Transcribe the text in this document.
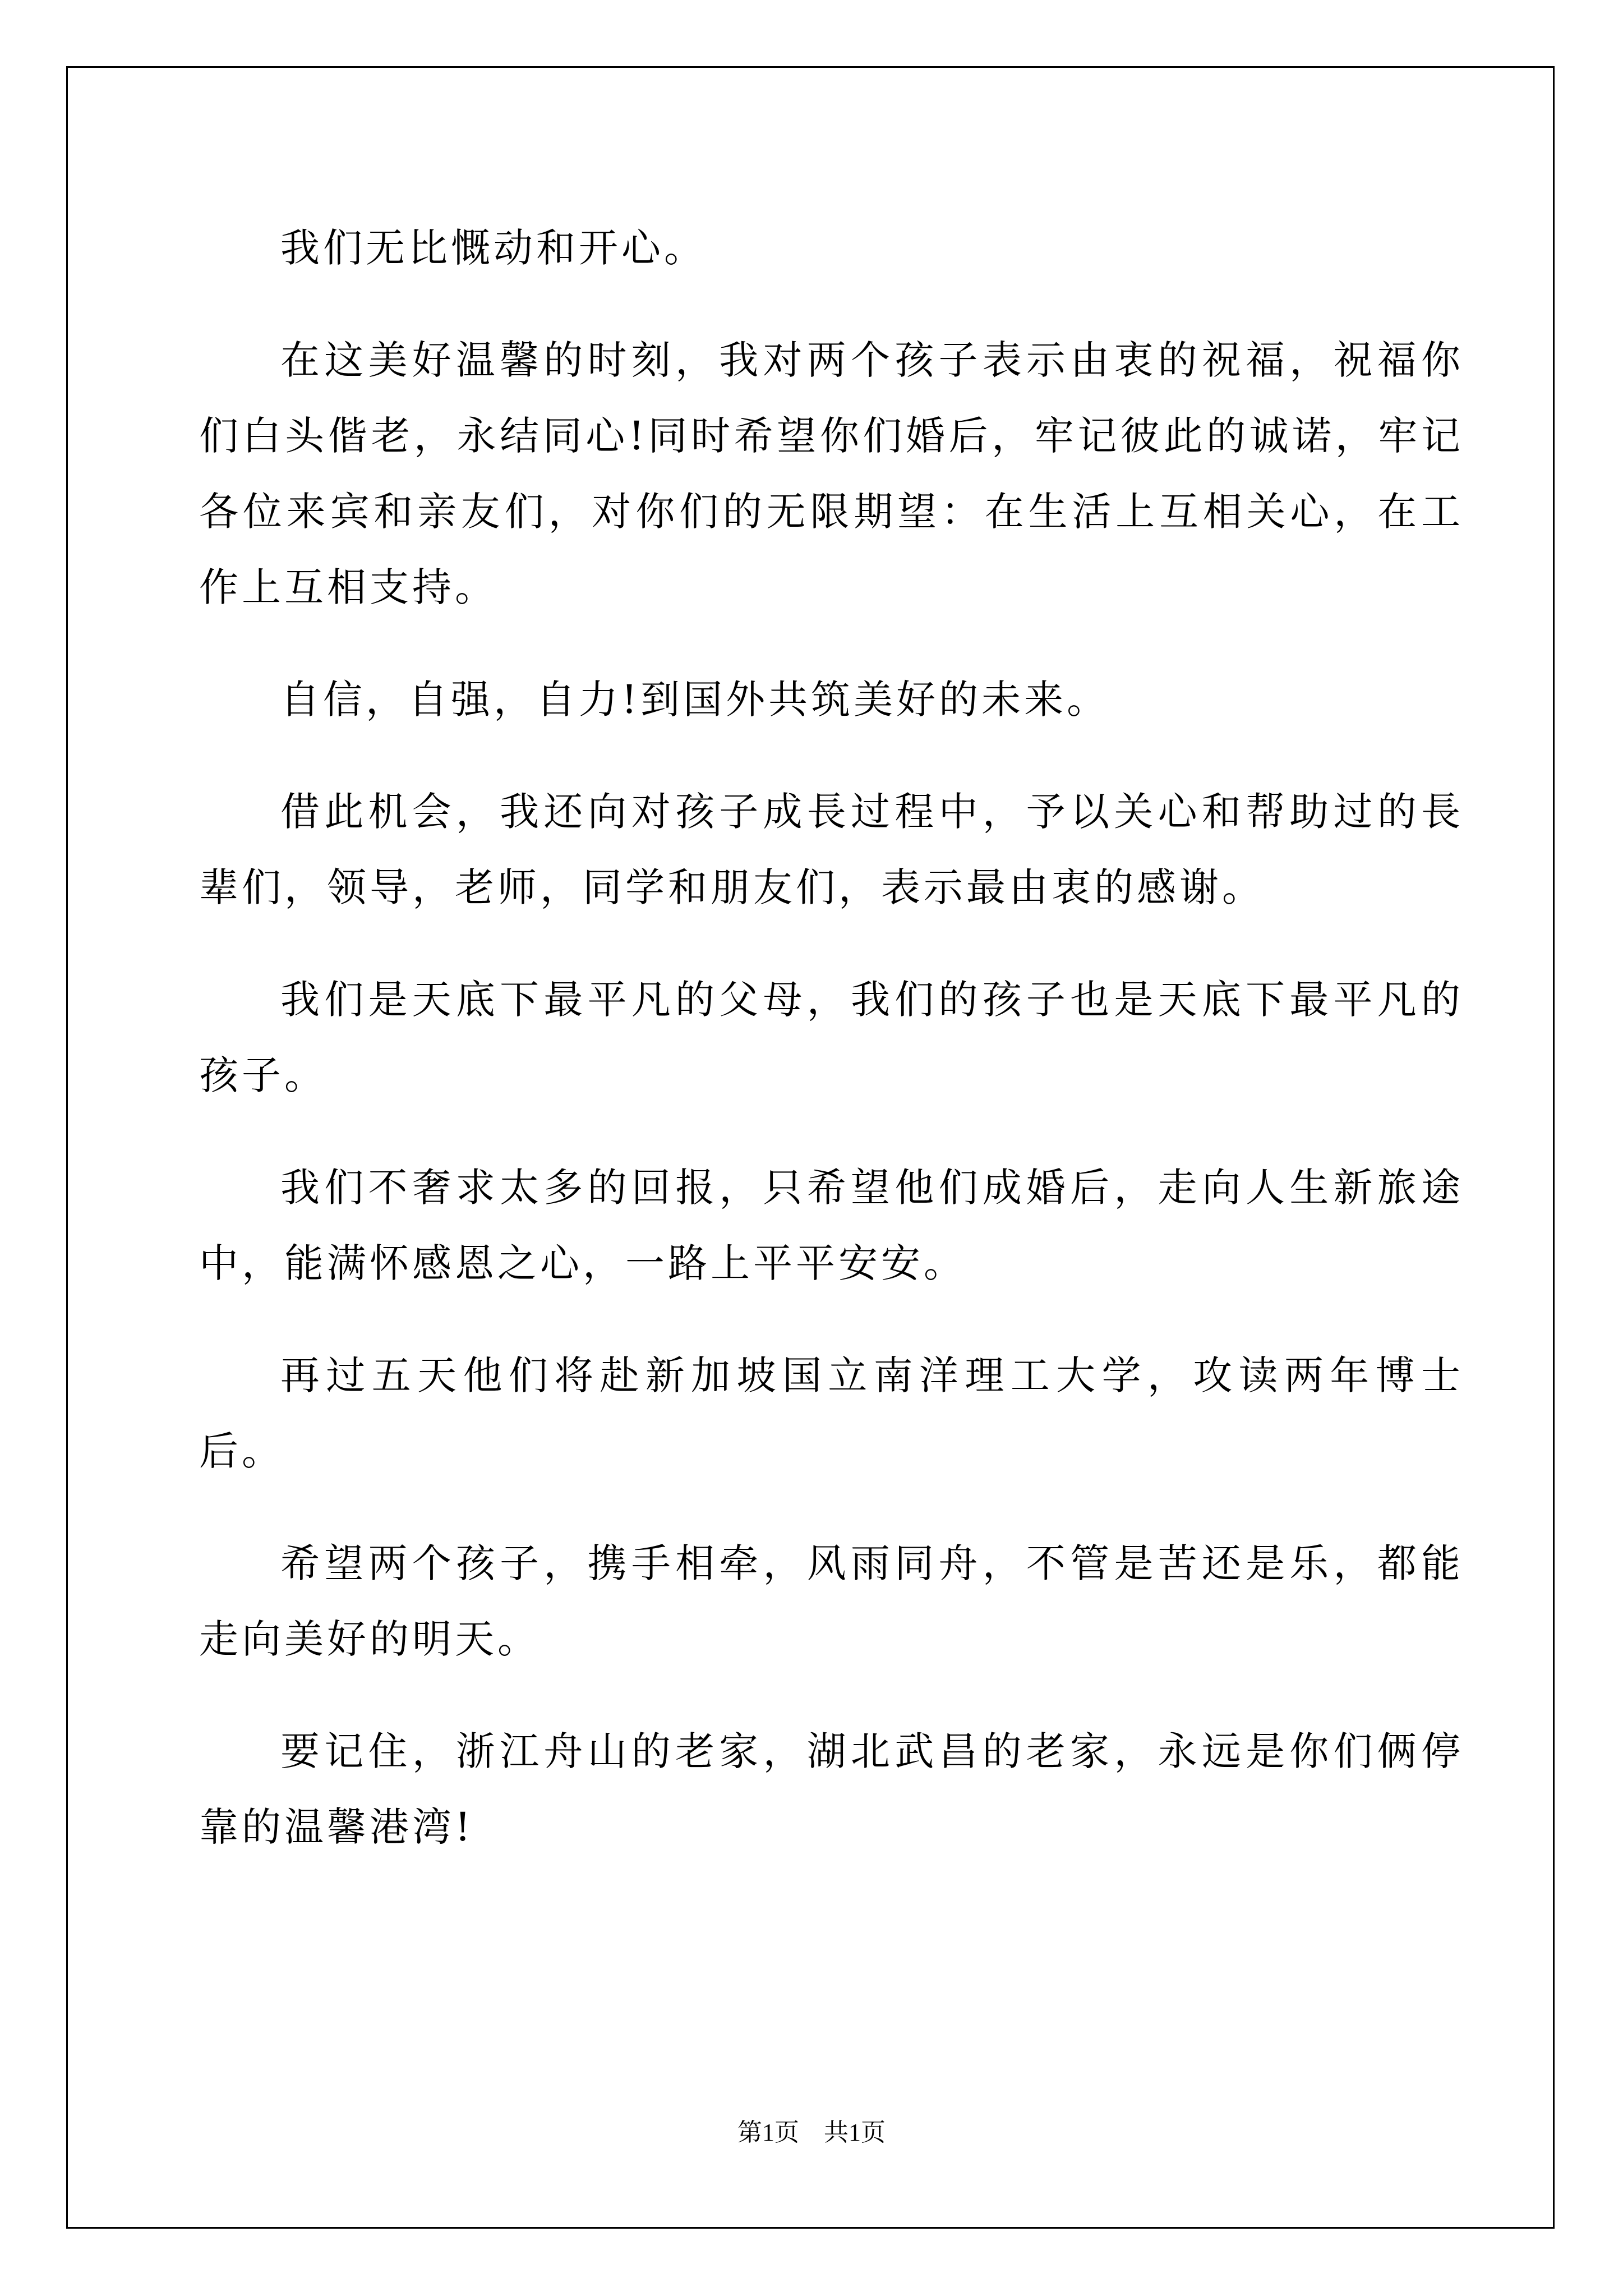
我们无比慨动和开心。

在这美好温馨的时刻，我对两个孩子表示由衷的祝福，祝福你们白头偕老，永结同心!同时希望你们婚后，牢记彼此的诚诺，牢记各位来宾和亲友们，对你们的无限期望：在生活上互相关心，在工作上互相支持。

自信，自强，自力!到国外共筑美好的未来。

借此机会，我还向对孩子成長过程中，予以关心和帮助过的長辈们，领导，老师，同学和朋友们，表示最由衷的感谢。

我们是天底下最平凡的父母，我们的孩子也是天底下最平凡的孩子。

我们不奢求太多的回报，只希望他们成婚后，走向人生新旅途中，能满怀感恩之心，一路上平平安安。

再过五天他们将赴新加坡国立南洋理工大学，攻读两年博士后。

希望两个孩子，携手相牵，风雨同舟，不管是苦还是乐，都能走向美好的明天。

要记住，浙江舟山的老家，湖北武昌的老家，永远是你们俩停靠的温馨港湾!

第1页 共1页
